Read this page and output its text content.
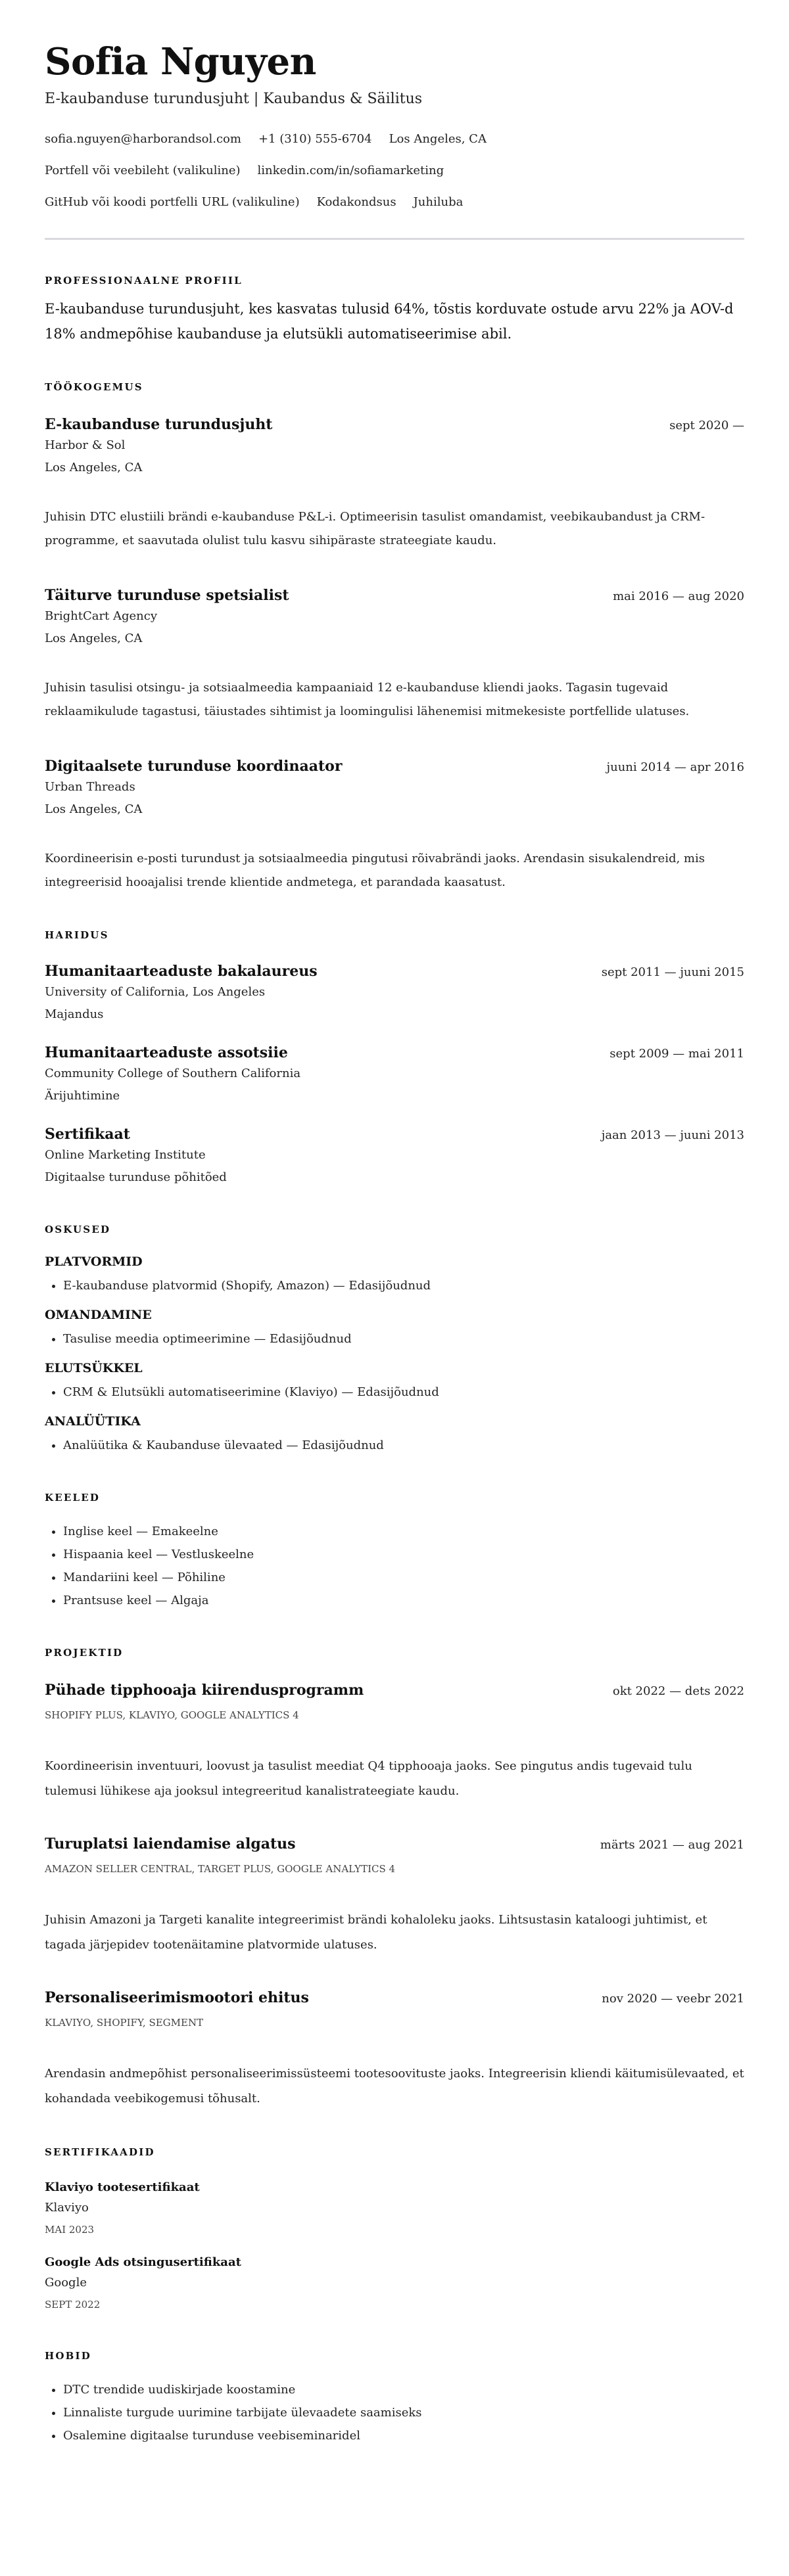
Sofia Nguyen
E-kaubanduse turundusjuht | Kaubandus & Säilitus
sofia.nguyen@harborandsol.com +1 (310) 555-6704 Los Angeles, CA
Portfell või veebileht (valikuline) linkedin.com/in/sofiamarketing
GitHub või koodi portfelli URL (valikuline) Kodakondsus Juhiluba
PROFESSIONAALNE PROFIIL
E-kaubanduse turundusjuht, kes kasvatas tulusid 64%, tõstis korduvate ostude arvu 22% ja AOV-d 18% andmepõhise kaubanduse ja elutsükli automatiseerimise abil.
TÖÖKOGEMUS
E-kaubanduse turundusjuht	sept 2020 —
Harbor & Sol
Los Angeles, CA
Juhisin DTC elustiili brändi e-kaubanduse P&L-i. Optimeerisin tasulist omandamist, veebikaubandust ja CRM-programme, et saavutada olulist tulu kasvu sihipäraste strateegiate kaudu.
Täiturve turunduse spetsialist	mai 2016 — aug 2020
BrightCart Agency
Los Angeles, CA
Juhisin tasulisi otsingu- ja sotsiaalmeedia kampaaniaid 12 e-kaubanduse kliendi jaoks. Tagasin tugevaid reklaamikulude tagastusi, täiustades sihtimist ja loomingulisi lähenemisi mitmekesiste portfellide ulatuses.
Digitaalsete turunduse koordinaator	juuni 2014 — apr 2016
Urban Threads
Los Angeles, CA
Koordineerisin e-posti turundust ja sotsiaalmeedia pingutusi rõivabrändi jaoks. Arendasin sisukalendreid, mis integreerisid hooajalisi trende klientide andmetega, et parandada kaasatust.
HARIDUS
Humanitaarteaduste bakalaureus	sept 2011 — juuni 2015
University of California, Los Angeles
Majandus
Humanitaarteaduste assotsiie	sept 2009 — mai 2011
Community College of Southern California
Ärijuhtimine
Sertifikaat	jaan 2013 — juuni 2013
Online Marketing Institute
Digitaalse turunduse põhitõed
OSKUSED
PLATVORMID
• E-kaubanduse platvormid (Shopify, Amazon) — Edasijõudnud
OMANDAMINE
• Tasulise meedia optimeerimine — Edasijõudnud
ELUTSÜKKEL
• CRM & Elutsükli automatiseerimine (Klaviyo) — Edasijõudnud
ANALÜÜTIKA
• Analüütika & Kaubanduse ülevaated — Edasijõudnud
KEELED
• Inglise keel — Emakeelne
• Hispaania keel — Vestluskeelne
• Mandariini keel — Põhiline
• Prantsuse keel — Algaja
PROJEKTID
Pühade tipphooaja kiirendusprogramm	okt 2022 — dets 2022
SHOPIFY PLUS, KLAVIYO, GOOGLE ANALYTICS 4
Koordineerisin inventuuri, loovust ja tasulist meediat Q4 tipphooaja jaoks. See pingutus andis tugevaid tulu tulemusi lühikese aja jooksul integreeritud kanalistrateegiate kaudu.
Turuplatsi laiendamise algatus	märts 2021 — aug 2021
AMAZON SELLER CENTRAL, TARGET PLUS, GOOGLE ANALYTICS 4
Juhisin Amazoni ja Targeti kanalite integreerimist brändi kohaloleku jaoks. Lihtsustasin kataloogi juhtimist, et tagada järjepidev tootenäitamine platvormide ulatuses.
Personaliseerimismootori ehitus	nov 2020 — veebr 2021
KLAVIYO, SHOPIFY, SEGMENT
Arendasin andmepõhist personaliseerimissüsteemi tootesoovituste jaoks. Integreerisin kliendi käitumisülevaated, et kohandada veebikogemusi tõhusalt.
SERTIFIKAADID
Klaviyo tootesertifikaat
Klaviyo
MAI 2023
Google Ads otsingusertifikaat
Google
SEPT 2022
HOBID
• DTC trendide uudiskirjade koostamine
• Linnaliste turgude uurimine tarbijate ülevaadete saamiseks
• Osalemine digitaalse turunduse veebiseminaridel
